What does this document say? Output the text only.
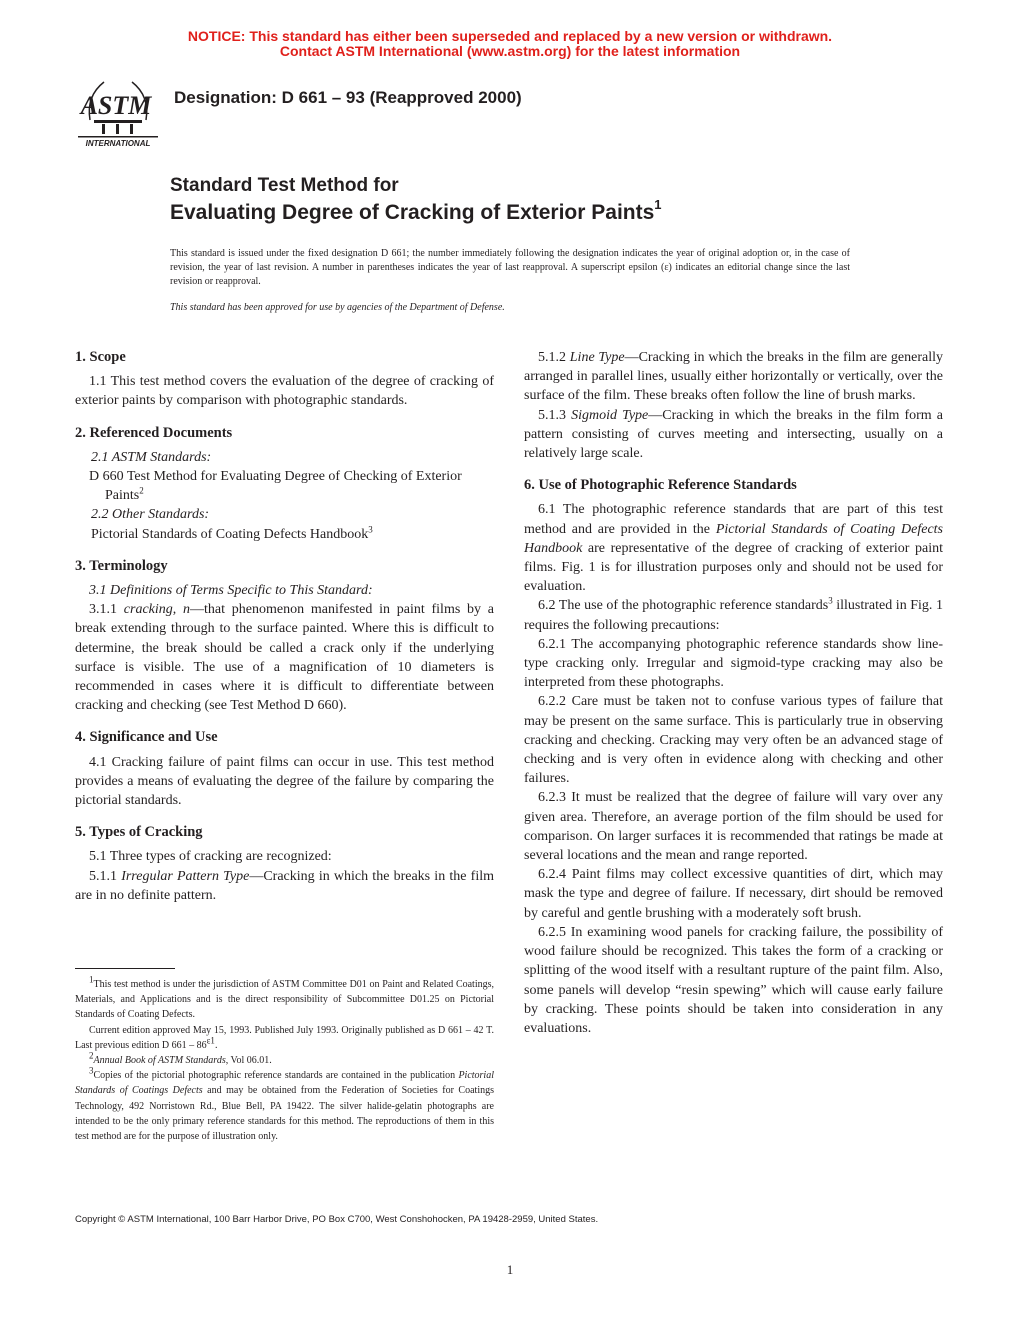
NOTICE: This standard has either been superseded and replaced by a new version or withdrawn.
Contact ASTM International (www.astm.org) for the latest information
ASTM
INTERNATIONAL
Designation: D 661 – 93 (Reapproved 2000)
Standard Test Method for
Evaluating Degree of Cracking of Exterior Paints$^1$
This standard is issued under the fixed designation D 661; the number immediately following the designation indicates the year of original adoption or, in the case of revision, the year of last revision. A number in parentheses indicates the year of last reapproval. A superscript epsilon (ε) indicates an editorial change since the last revision or reapproval.
This standard has been approved for use by agencies of the Department of Defense.

1. Scope

1.1 This test method covers the evaluation of the degree of cracking of exterior paints by comparison with photographic standards.

2. Referenced Documents

2.1 ASTM Standards:

D 660 Test Method for Evaluating Degree of Checking of Exterior Paints$^2$

2.2 Other Standards:

Pictorial Standards of Coating Defects Handbook$^3$

3. Terminology

3.1 Definitions of Terms Specific to This Standard:

3.1.1 cracking, n—that phenomenon manifested in paint films by a break extending through to the surface painted. Where this is difficult to determine, the break should be called a crack only if the underlying surface is visible. The use of a magnification of 10 diameters is recommended in cases where it is difficult to differentiate between cracking and checking (see Test Method D 660).

4. Significance and Use

4.1 Cracking failure of paint films can occur in use. This test method provides a means of evaluating the degree of the failure by comparing the pictorial standards.

5. Types of Cracking

5.1 Three types of cracking are recognized:

5.1.1 Irregular Pattern Type—Cracking in which the breaks in the film are in no definite pattern.

5.1.2 Line Type—Cracking in which the breaks in the film are generally arranged in parallel lines, usually either horizontally or vertically, over the surface of the film. These breaks often follow the line of brush marks.

5.1.3 Sigmoid Type—Cracking in which the breaks in the film form a pattern consisting of curves meeting and intersecting, usually on a relatively large scale.

6. Use of Photographic Reference Standards

6.1 The photographic reference standards that are part of this test method and are provided in the Pictorial Standards of Coating Defects Handbook are representative of the degree of cracking of exterior paint films. Fig. 1 is for illustration purposes only and should not be used for evaluation.

6.2 The use of the photographic reference standards$^3$ illustrated in Fig. 1 requires the following precautions:

6.2.1 The accompanying photographic reference standards show line-type cracking only. Irregular and sigmoid-type cracking may also be interpreted from these photographs.

6.2.2 Care must be taken not to confuse various types of failure that may be present on the same surface. This is particularly true in observing cracking and checking. Cracking may very often be an advanced stage of checking and is very often in evidence along with checking and other failures.

6.2.3 It must be realized that the degree of failure will vary over any given area. Therefore, an average portion of the film should be used for comparison. On larger surfaces it is recommended that ratings be made at several locations and the mean and range reported.

6.2.4 Paint films may collect excessive quantities of dirt, which may mask the type and degree of failure. If necessary, dirt should be removed by careful and gentle brushing with a moderately soft brush.

6.2.5 In examining wood panels for cracking failure, the possibility of wood failure should be recognized. This takes the form of a cracking or splitting of the wood itself with a resultant rupture of the paint film. Also, some panels will develop “resin spewing” which will cause early failure by cracking. These points should be taken into consideration in any evaluations.

$^1$This test method is under the jurisdiction of ASTM Committee D01 on Paint and Related Coatings, Materials, and Applications and is the direct responsibility of Subcommittee D01.25 on Pictorial Standards of Coating Defects.

Current edition approved May 15, 1993. Published July 1993. Originally published as D 661 – 42 T. Last previous edition D $661 - 86^{\varepsilon 1}$.

$^2$Annual Book of ASTM Standards, Vol 06.01.

$^3$Copies of the pictorial photographic reference standards are contained in the publication Pictorial Standards of Coatings Defects and may be obtained from the Federation of Societies for Coatings Technology, 492 Norristown Rd., Blue Bell, PA 19422. The silver halide-gelatin photographs are intended to be the only primary reference standards for this method. The reproductions of them in this test method are for the purpose of illustration only.

Copyright © ASTM International, 100 Barr Harbor Drive, PO Box C700, West Conshohocken, PA 19428-2959, United States.
1
